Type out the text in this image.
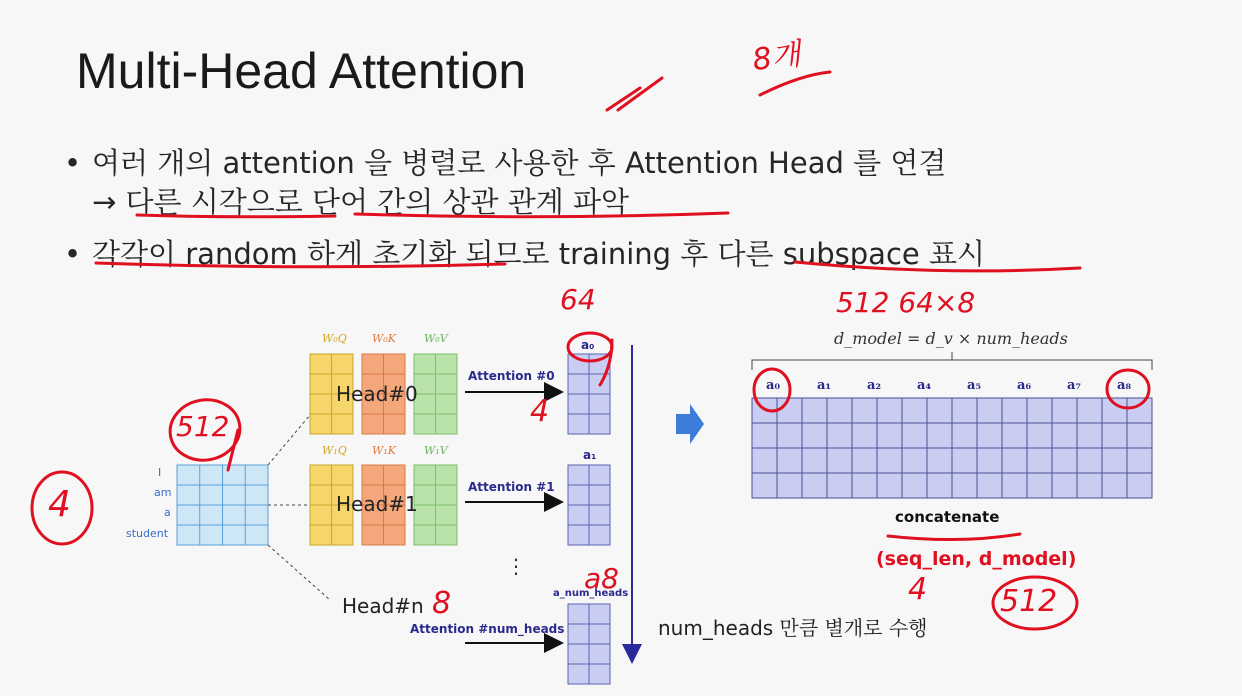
Multi-Head Attention
• 여러 개의 attention 을 병렬로 사용한 후 Attention Head 를 연결
→ 다른 시각으로 단어 간의 상관 관계 파악
• 각각이 random 하게 초기화 되므로 training 후 다른 subspace 표시
I
am
a
student
W₀Q W₀K	W₀V
W₁Q W₁K	W₁V
Head#0
Head#1
Head#n
Attention #0
Attention #1
Attention #num_heads
a₀
a₁
a_num_heads
⋮
d_model = d_v × num_heads
a₀	a₁	a₂	a₄	a₅	a₆	a₇	a₈
concatenate
(seq_len, d_model)
num_heads 만큼 별개로 수행
8개
64	512 64×8
512
4
4
8
a8	4 512
